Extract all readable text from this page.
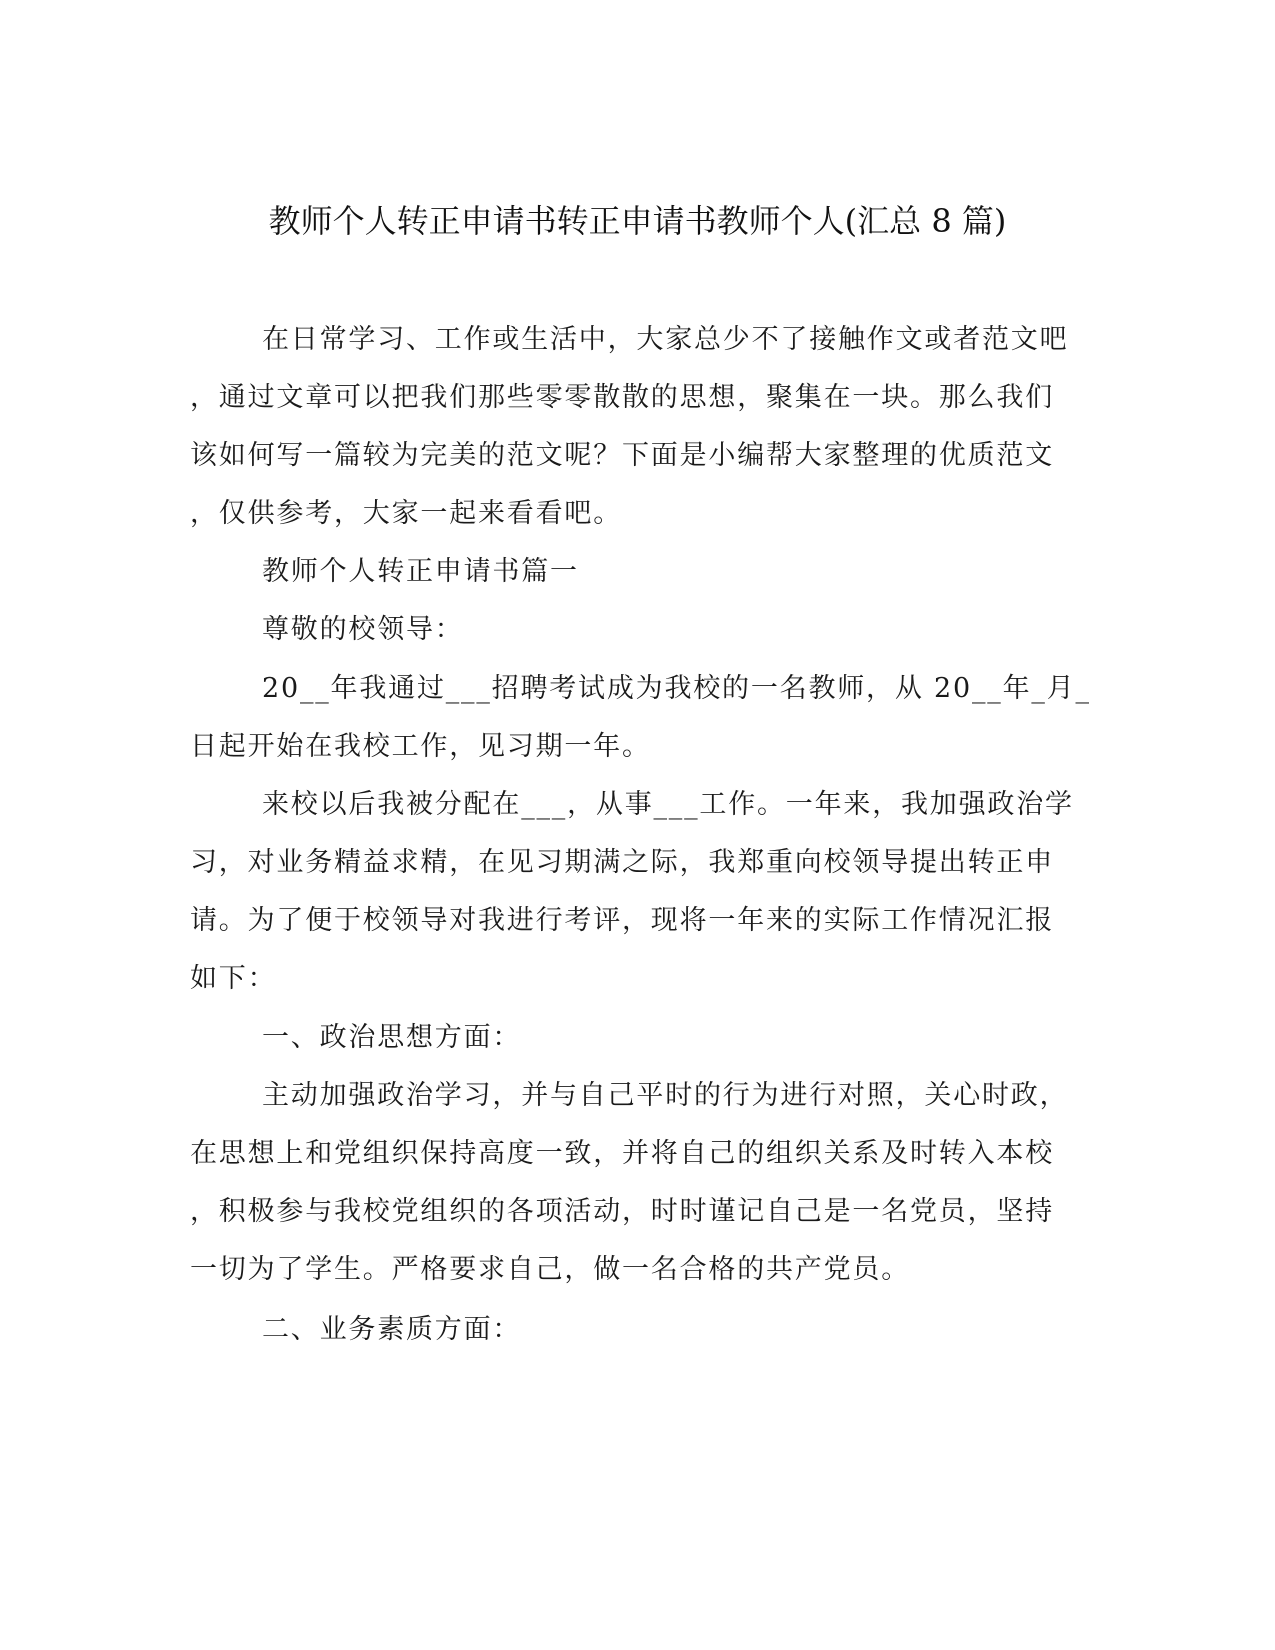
教师个人转正申请书转正申请书教师个人(汇总 8 篇)
在日常学习、工作或生活中，大家总少不了接触作文或者范文吧
，通过文章可以把我们那些零零散散的思想，聚集在一块。那么我们
该如何写一篇较为完美的范文呢？下面是小编帮大家整理的优质范文
，仅供参考，大家一起来看看吧。
教师个人转正申请书篇一
尊敬的校领导：
20__年我通过___招聘考试成为我校的一名教师，从 20__年_月_
日起开始在我校工作，见习期一年。
来校以后我被分配在___，从事___工作。一年来，我加强政治学
习，对业务精益求精，在见习期满之际，我郑重向校领导提出转正申
请。为了便于校领导对我进行考评，现将一年来的实际工作情况汇报
如下：
一、政治思想方面：
主动加强政治学习，并与自己平时的行为进行对照，关心时政，
在思想上和党组织保持高度一致，并将自己的组织关系及时转入本校
，积极参与我校党组织的各项活动，时时谨记自己是一名党员，坚持
一切为了学生。严格要求自己，做一名合格的共产党员。
二、业务素质方面：
